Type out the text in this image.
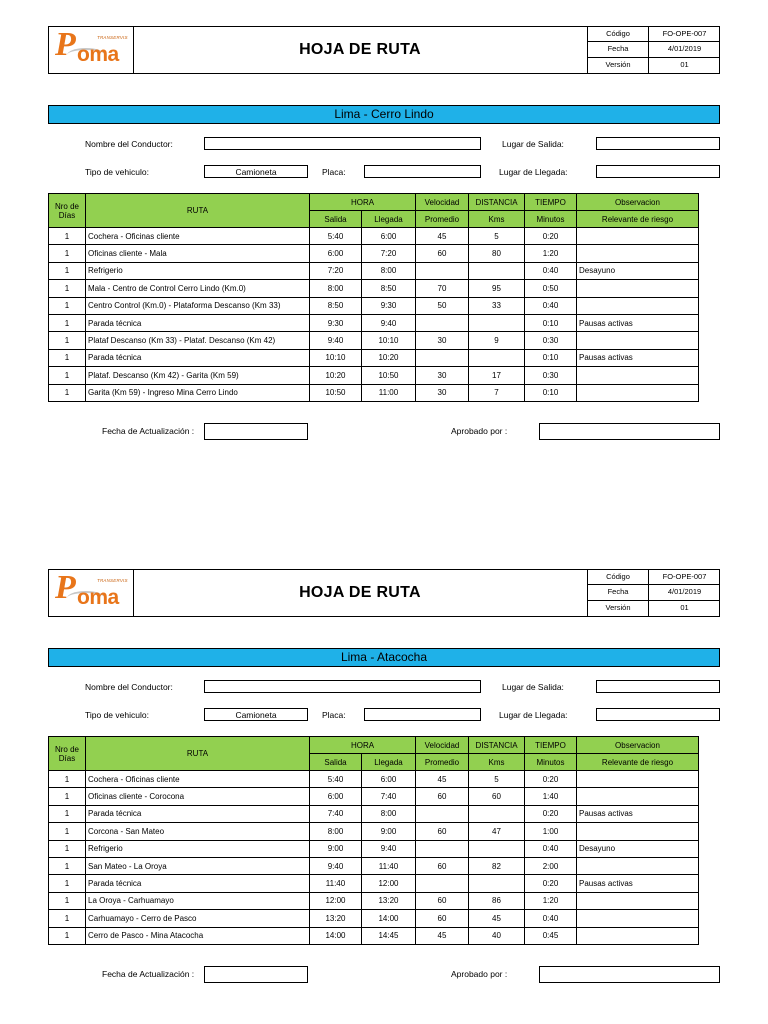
TRANSERVIS
P oma	HOJA DE RUTA
Código	FO-OPE-007
Fecha	4/01/2019
Versión	01
Lima - Cerro Lindo
Nombre del Conductor:	Lugar de Salida:
Tipo de vehiculo:	Camioneta	Placa:	Lugar de Llegada:
Nro de Días	RUTA	HORA		Velocidad	DISTANCIA	TIEMPO	Observacion
		Salida	Llegada	Promedio	Kms	Minutos	Relevante de riesgo
1	Cochera - Oficinas cliente	5:40	6:00	45	5	0:20	
1	Oficinas cliente - Mala	6:00	7:20	60	80	1:20	
1	Refrigerio	7:20	8:00			0:40	Desayuno
1	Mala - Centro de Control Cerro Lindo (Km.0)	8:00	8:50	70	95	0:50	
1	Centro Control (Km.0) - Plataforma Descanso (Km 33)	8:50	9:30	50	33	0:40	
1	Parada técnica	9:30	9:40			0:10	Pausas activas
1	Plataf Descanso (Km 33) - Plataf. Descanso (Km 42)	9:40	10:10	30	9	0:30	
1	Parada técnica	10:10	10:20			0:10	Pausas activas
1	Plataf. Descanso (Km 42) - Garita (Km 59)	10:20	10:50	30	17	0:30	
1	Garita (Km 59) - Ingreso Mina Cerro Lindo	10:50	11:00	30	7	0:10	
Fecha de Actualización :	Aprobado por :
TRANSERVIS
P oma	HOJA DE RUTA
Código	FO-OPE-007
Fecha	4/01/2019
Versión	01
Lima - Atacocha
Nombre del Conductor:	Lugar de Salida:
Tipo de vehiculo:	Camioneta	Placa:	Lugar de Llegada:
Nro de Días	RUTA	HORA		Velocidad	DISTANCIA	TIEMPO	Observacion
		Salida	Llegada	Promedio	Kms	Minutos	Relevante de riesgo
1	Cochera - Oficinas cliente	5:40	6:00	45	5	0:20	
1	Oficinas cliente - Corocona	6:00	7:40	60	60	1:40	
1	Parada técnica	7:40	8:00			0:20	Pausas activas
1	Corcona - San Mateo	8:00	9:00	60	47	1:00	
1	Refrigerio	9:00	9:40			0:40	Desayuno
1	San Mateo - La Oroya	9:40	11:40	60	82	2:00	
1	Parada técnica	11:40	12:00			0:20	Pausas activas
1	La Oroya - Carhuamayo	12:00	13:20	60	86	1:20	
1	Carhuamayo - Cerro de Pasco	13:20	14:00	60	45	0:40	
1	Cerro de Pasco - Mina Atacocha	14:00	14:45	45	40	0:45	
Fecha de Actualización :	Aprobado por :
